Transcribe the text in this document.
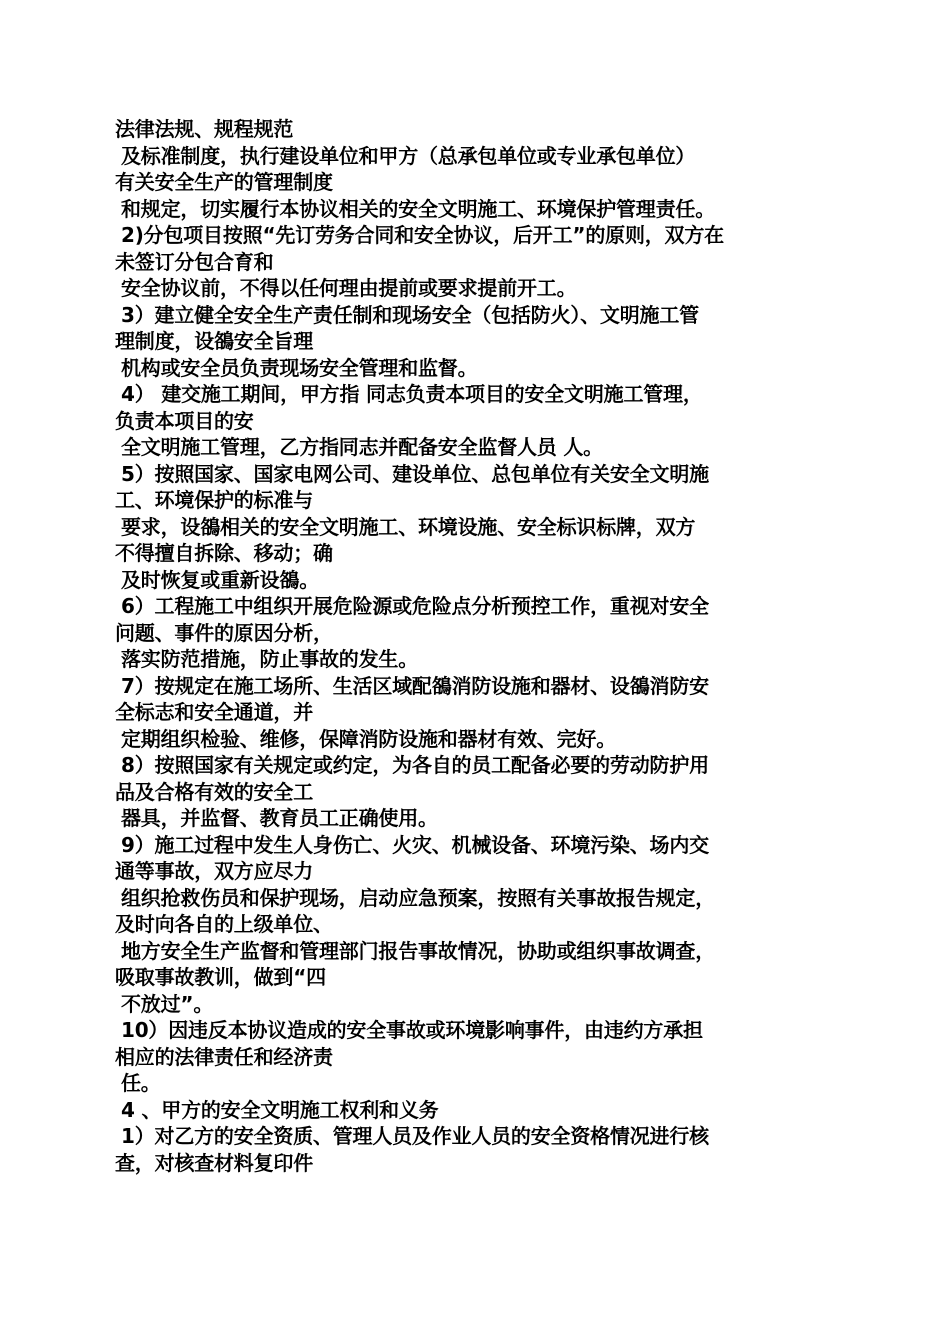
法律法规、规程规范
及标准制度，执行建设单位和甲方（总承包单位或专业承包单位）
有关安全生产的管理制度
和规定，切实履行本协议相关的安全文明施工、环境保护管理责任。
2)分包项目按照“先订劳务合同和安全协议，后开工”的原则，双方在
未签订分包合育和
安全协议前，不得以任何理由提前或要求提前开工。
3）建立健全安全生产责任制和现场安全（包括防火）、文明施工管
理制度，设鵅安全旨理
机构或安全员负责现场安全管理和监督。
4） 建交施工期间，甲方指 同志负责本项目的安全文明施工管理，
负责本项目的安
全文明施工管理，乙方指同志并配备安全监督人员 人。
5）按照国家、国家电网公司、建设单位、总包单位有关安全文明施
工、环境保护的标准与
要求，设鵅相关的安全文明施工、环境设施、安全标识标牌，双方
不得擅自拆除、移动；确
及时恢复或重新设鵅。
6）工程施工中组织开展危险源或危险点分析预控工作，重视对安全
问题、事件的原因分析，
落实防范措施，防止事故的发生。
7）按规定在施工场所、生活区域配鵅消防设施和器材、设鵅消防安
全标志和安全通道，并
定期组织检验、维修，保障消防设施和器材有效、完好。
8）按照国家有关规定或约定，为各自的员工配备必要的劳动防护用
品及合格有效的安全工
器具，并监督、教育员工正确使用。
9）施工过程中发生人身伤亡、火灾、机械设备、环境污染、场内交
通等事故，双方应尽力
组织抢救伤员和保护现场，启动应急预案，按照有关事故报告规定，
及时向各自的上级单位、
地方安全生产监督和管理部门报告事故情况，协助或组织事故调查，
吸取事故教训，做到“四
不放过”。
10）因违反本协议造成的安全事故或环境影响事件，由违约方承担
相应的法律责任和经济责
任。
4 、甲方的安全文明施工权利和义务
1）对乙方的安全资质、管理人员及作业人员的安全资格情况进行核
查，对核查材料复印件
